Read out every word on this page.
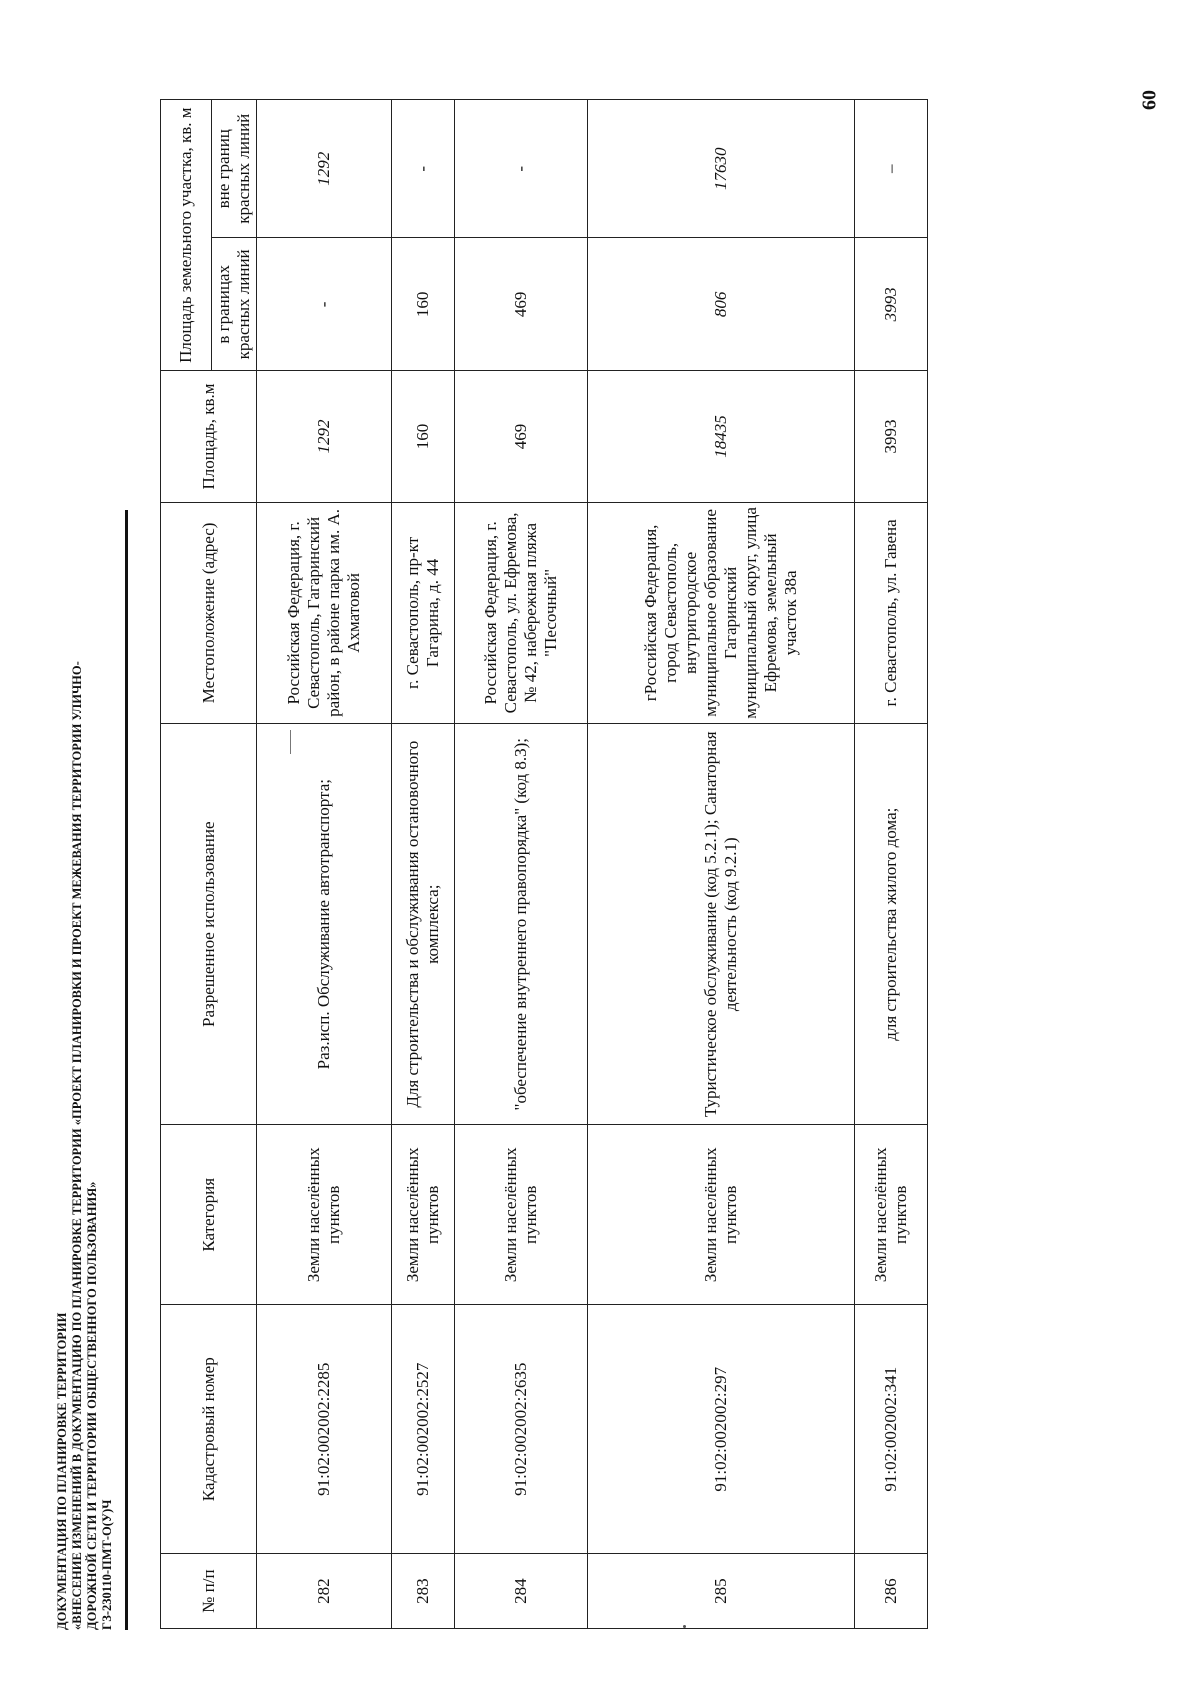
60
ДОКУМЕНТАЦИЯ ПО ПЛАНИРОВКЕ ТЕРРИТОРИИ «ВНЕСЕНИЕ ИЗМЕНЕНИЙ В ДОКУМЕНТАЦИЮ ПО ПЛАНИРОВКЕ ТЕРРИТОРИИ «ПРОЕКТ ПЛАНИРОВКИ И ПРОЕКТ МЕЖЕВАНИЯ ТЕРРИТОРИИ УЛИЧНО- ДОРОЖНОЙ СЕТИ И ТЕРРИТОРИИ ОБЩЕСТВЕННОГО ПОЛЬЗОВАНИЯ» ГЗ-230110-ПМТ-О(У)Ч	№ п/п	Кадастровый номер	Категория	Разрешенное использование	Местоположение (адрес)	Площадь, кв.м	Площадь земельного участка, кв. м	
						в границах красных линий	вне границ красных линий
282	91:02:002002:2285	Земли населённых пунктов	Раз.исп. Обслуживание автотранспорта;	Российская Федерация, г. Севастополь, Гагаринский район, в районе парка им. А. Ахматовой	1292	-	1292
283	91:02:002002:2527	Земли населённых пунктов	Для строительства и обслуживания остановочного комплекса;	г. Севастополь, пр-кт Гагарина, д. 44	160	160	-
284	91:02:002002:2635	Земли населённых пунктов	"обеспечение внутреннего правопорядка" (код 8.3);	Российская Федерация, г. Севастополь, ул. Ефремова, № 42, набережная пляжа "Песочный"	469	469	-
285	91:02:002002:297	Земли населённых пунктов	Туристическое обслуживание (код 5.2.1); Санаторная деятельность (код 9.2.1)	гРоссийская Федерация, город Севастополь, внутригородское муниципальное образование Гагаринский муниципальный округ, улица Ефремова, земельный участок 38а	18435	806	17630
286	91:02:002002:341	Земли населённых пунктов	для строительства жилого дома;	г. Севастополь, ул. Гавена	3993	3993	–
